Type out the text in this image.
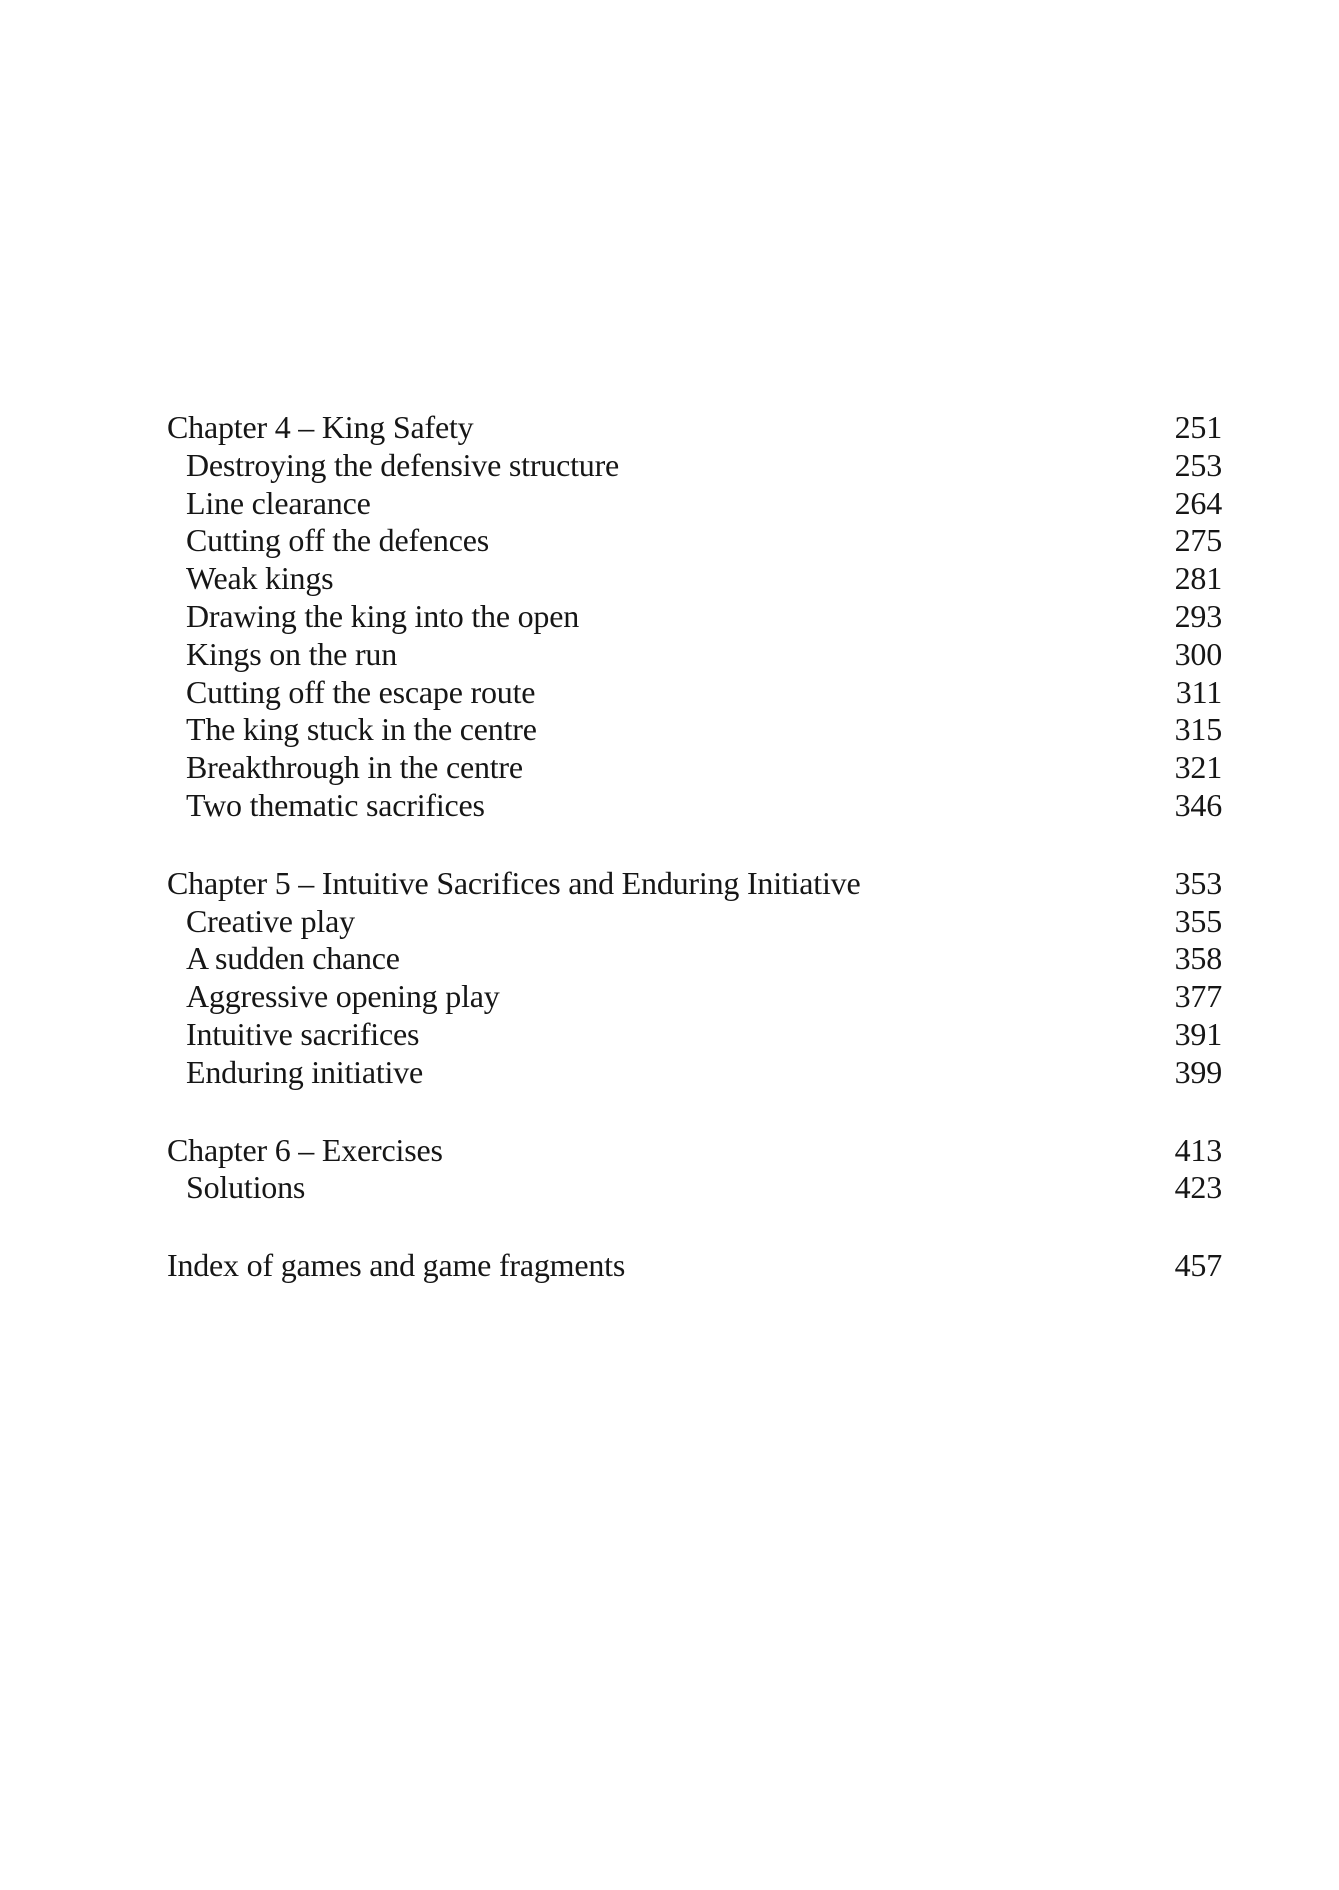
Chapter 4 – King Safety	251
Destroying the defensive structure	253
Line clearance	264
Cutting off the defences	275
Weak kings	281
Drawing the king into the open	293
Kings on the run	300
Cutting off the escape route	311
The king stuck in the centre	315
Breakthrough in the centre	321
Two thematic sacrifices	346
Chapter 5 – Intuitive Sacrifices and Enduring Initiative	353
Creative play	355
A sudden chance	358
Aggressive opening play	377
Intuitive sacrifices	391
Enduring initiative	399
Chapter 6 – Exercises	413
Solutions	423
Index of games and game fragments	457
